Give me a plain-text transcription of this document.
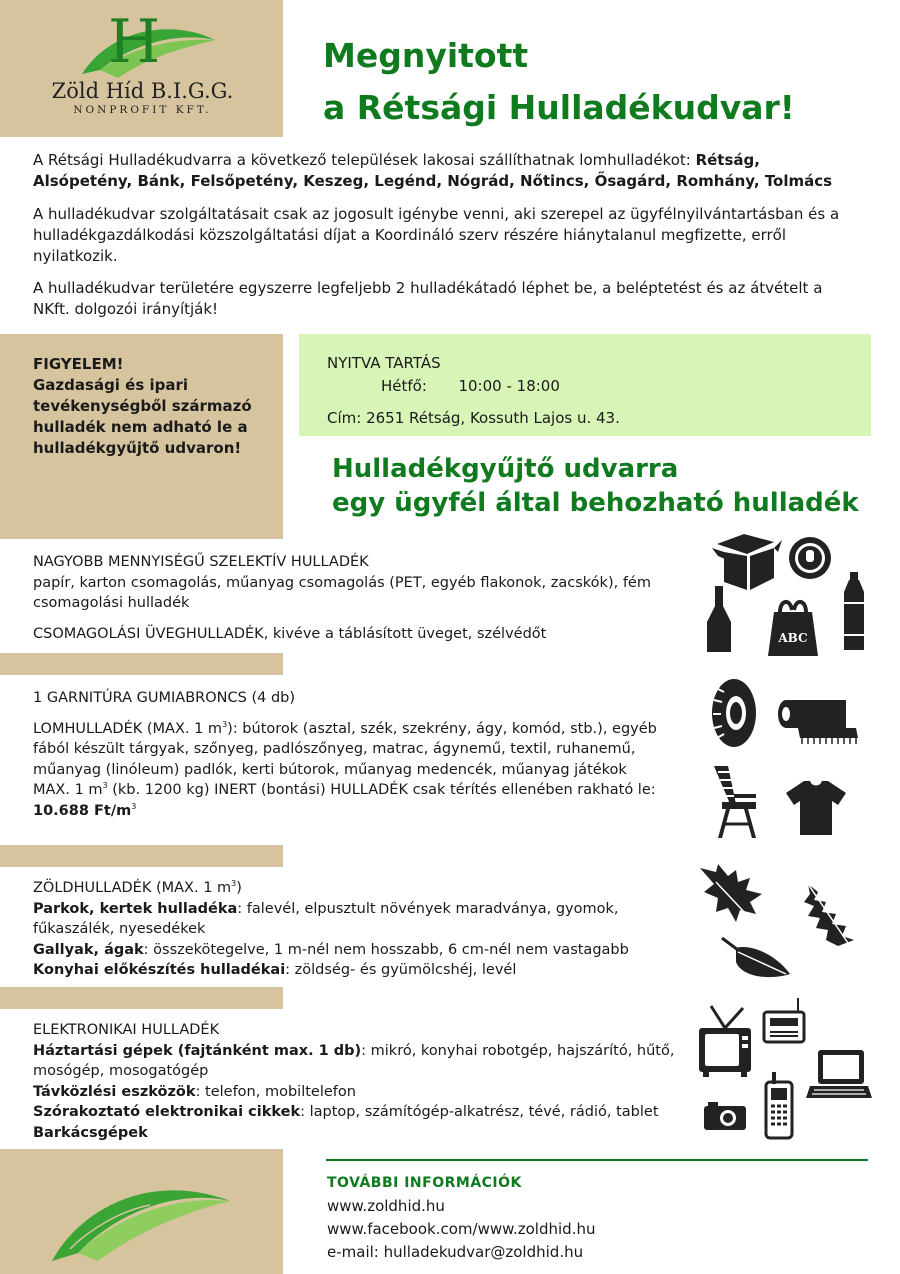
H
Zöld Híd B.I.G.G.
NONPROFIT KFT.
Megnyitott
a Rétsági Hulladékudvar!
A Rétsági Hulladékudvarra a következő települések lakosai szállíthatnak lomhulladékot: Rétság, Alsópetény, Bánk, Felsőpetény, Keszeg, Legénd, Nógrád, Nőtincs, Ősagárd, Romhány, Tolmács
A hulladékudvar szolgáltatásait csak az jogosult igénybe venni, aki szerepel az ügyfélnyilvántartásban és a hulladékgazdálkodási közszolgáltatási díjat a Koordináló szerv részére hiánytalanul megfizette, erről nyilatkozik.
A hulladékudvar területére egyszerre legfeljebb 2 hulladékátadó léphet be, a beléptetést és az átvételt a NKft. dolgozói irányítják!
FIGYELEM!
Gazdasági és ipari tevékenységből származó hulladék nem adható le a hulladékgyűjtő udvaron!
NYITVA TARTÁS
Hétfő: 10:00 - 18:00
Cím: 2651 Rétság, Kossuth Lajos u. 43.
Hulladékgyűjtő udvarra
egy ügyfél által behozható hulladék

NAGYOBB MENNYISÉGŰ SZELEKTÍV HULLADÉK

papír, karton csomagolás, műanyag csomagolás (PET, egyéb flakonok, zacskók), fém csomagolási hulladék

CSOMAGOLÁSI ÜVEGHULLADÉK, kivéve a táblásított üveget, szélvédőt

1 GARNITÚRA GUMIABRONCS (4 db)

LOMHULLADÉK (MAX. 1 $m^3$): bútorok (asztal, szék, szekrény, ágy, komód, stb.), egyéb fából készült tárgyak, szőnyeg, padlószőnyeg, matrac, ágynemű, textil, ruhanemű, műanyag (linóleum) padlók, kerti bútorok, műanyag medencék, műanyag játékok

MAX. 1 $m^3$ (kb. 1200 kg) INERT (bontási) HULLADÉK csak térítés ellenében rakható le: 10.688 $Ft/m^3$

ZÖLDHULLADÉK (MAX. 1 $m^3$)

Parkok, kertek hulladéka: falevél, elpusztult növények maradványa, gyomok, fűkaszálék, nyesedékek

Gallyak, ágak: összekötegelve, 1 m-nél nem hosszabb, 6 cm-nél nem vastagabb

Konyhai előkészítés hulladékai: zöldség- és gyümölcshéj, levél

ELEKTRONIKAI HULLADÉK

Háztartási gépek (fajtánként max. 1 db): mikró, konyhai robotgép, hajszárító, hűtő, mosógép, mosogatógép

Távközlési eszközök: telefon, mobiltelefon

Szórakoztató elektronikai cikkek: laptop, számítógép-alkatrész, tévé, rádió, tablet

Barkácsgépek

ABC
TOVÁBBI INFORMÁCIÓK
www.zoldhid.hu
www.facebook.com/www.zoldhid.hu
e-mail: hulladekudvar@zoldhid.hu
